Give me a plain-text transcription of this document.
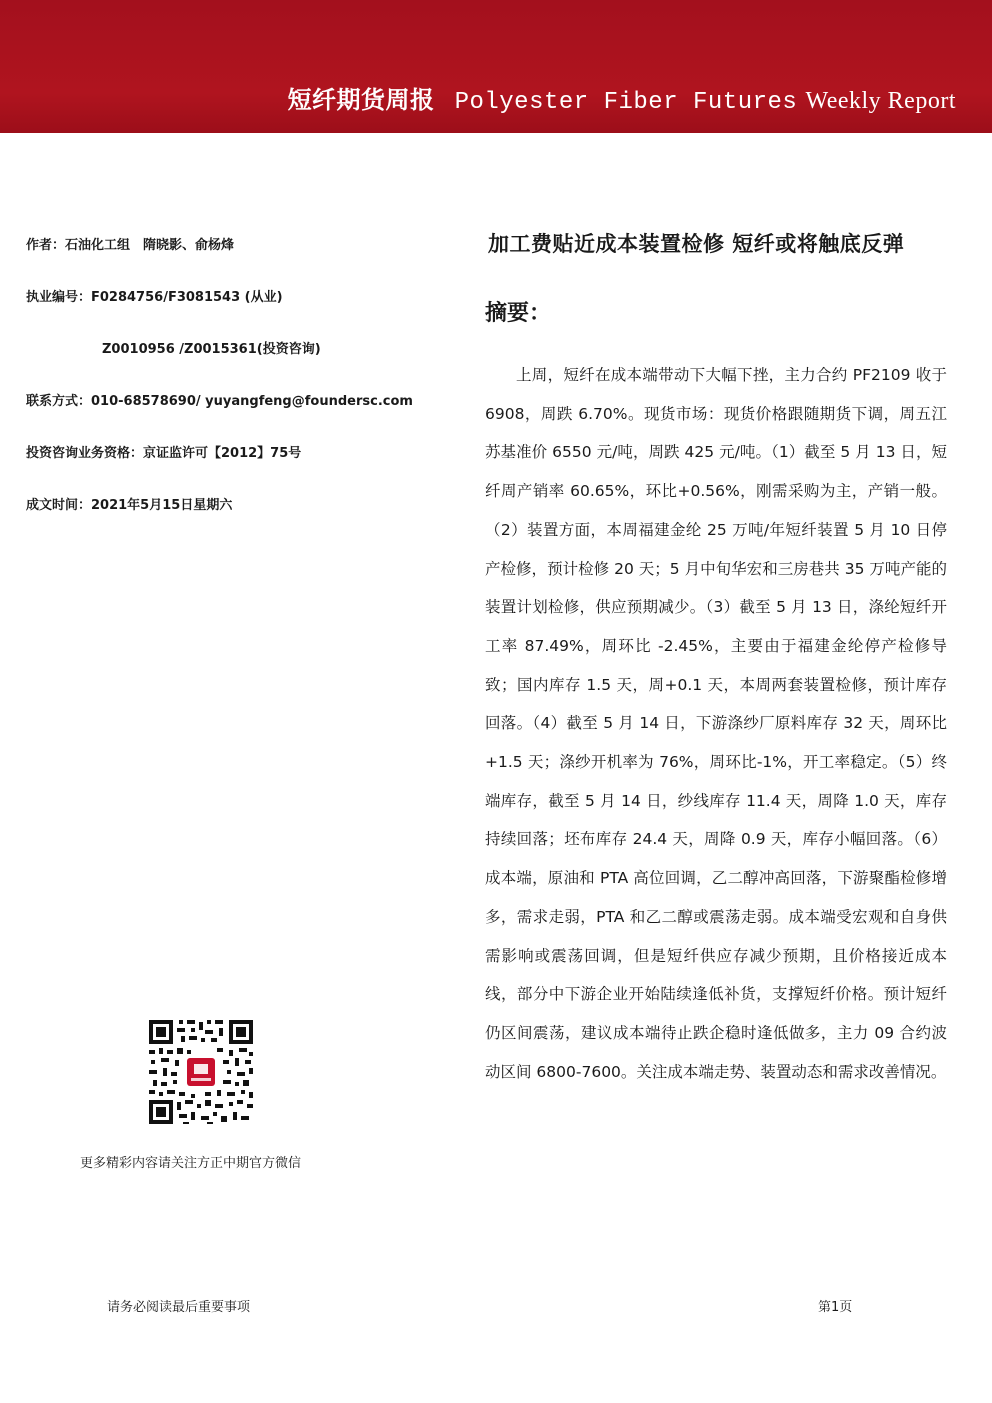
短纤期货周报 Polyester Fiber Futures Weekly Report
作者：石油化工组　隋晓影、俞杨烽
执业编号：F0284756/F3081543 (从业)
Z0010956 /Z0015361(投资咨询)
联系方式：010-68578690/ yuyangfeng@foundersc.com
投资咨询业务资格：京证监许可【2012】75号
成文时间：2021年5月15日星期六
加工费贴近成本装置检修 短纤或将触底反弹
摘要：
上周，短纤在成本端带动下大幅下挫，主力合约 PF2109 收于 6908，周跌 6.70%。现货市场：现货价格跟随期货下调，周五江苏基准价 6550 元/吨，周跌 425 元/吨。（1）截至 5 月 13 日，短纤周产销率 60.65%，环比+0.56%，刚需采购为主，产销一般。（2）装置方面，本周福建金纶 25 万吨/年短纤装置 5 月 10 日停产检修，预计检修 20 天；5 月中旬华宏和三房巷共 35 万吨产能的装置计划检修，供应预期减少。（3）截至 5 月 13 日，涤纶短纤开工率 87.49%，周环比 -2.45%，主要由于福建金纶停产检修导致；国内库存 1.5 天，周+0.1 天，本周两套装置检修，预计库存回落。（4）截至 5 月 14 日，下游涤纱厂原料库存 32 天，周环比+1.5 天；涤纱开机率为 76%，周环比-1%，开工率稳定。（5）终端库存，截至 5 月 14 日，纱线库存 11.4 天，周降 1.0 天，库存持续回落；坯布库存 24.4 天，周降 0.9 天，库存小幅回落。（6）成本端，原油和 PTA 高位回调，乙二醇冲高回落，下游聚酯检修增多，需求走弱，PTA 和乙二醇或震荡走弱。成本端受宏观和自身供需影响或震荡回调，但是短纤供应存减少预期，且价格接近成本线，部分中下游企业开始陆续逢低补货，支撑短纤价格。预计短纤仍区间震荡，建议成本端待止跌企稳时逢低做多，主力 09 合约波动区间 6800-7600。关注成本端走势、装置动态和需求改善情况。
更多精彩内容请关注方正中期官方微信
请务必阅读最后重要事项	第1页
